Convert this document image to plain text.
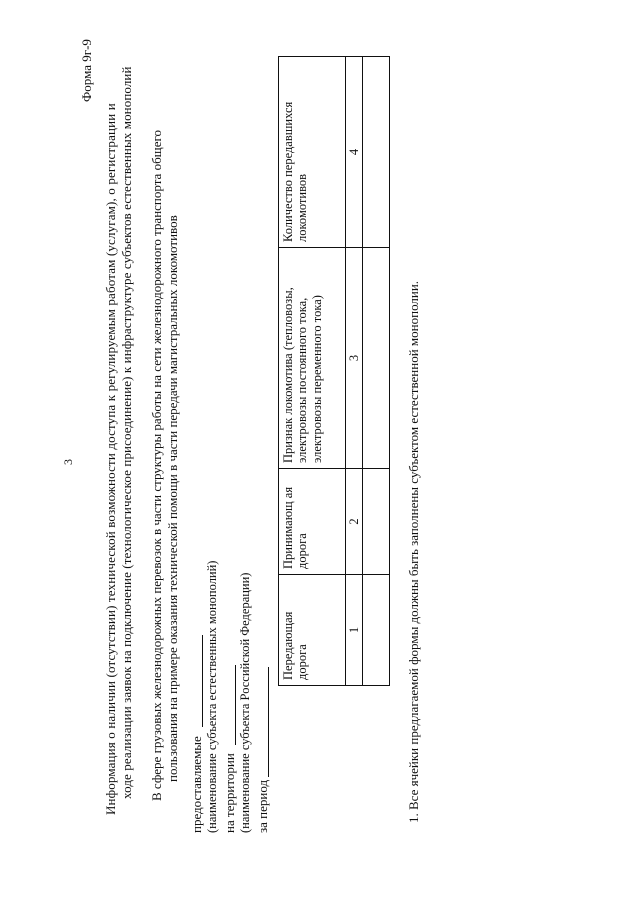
3
Форма 9г-9
Информация о наличии (отсутствии) технической возможности доступа к регулируемым работам (услугам), о регистрации и ходе реализации заявок на подключение (технологическое присоединение) к инфраструктуре субъектов естественных монополий В сфере грузовых железнодорожных перевозок в части структуры работы на сети железнодорожного транспорта общего пользования на примере оказания технической помощи в части передачи магистральных локомотивов
предоставляемые (наименование субъекта естественных монополий) на территории (наименование субъекта Российской Федерации) за период
Передающая дорога	Принимающ ая дорога	Признак локомотива (тепловозы, электровозы постоянного тока, электровозы переменного тока)	Количество передавшихся локомотивов
1	2	3	4

1. Все ячейки предлагаемой формы должны быть заполнены субъектом естественной монополии.
